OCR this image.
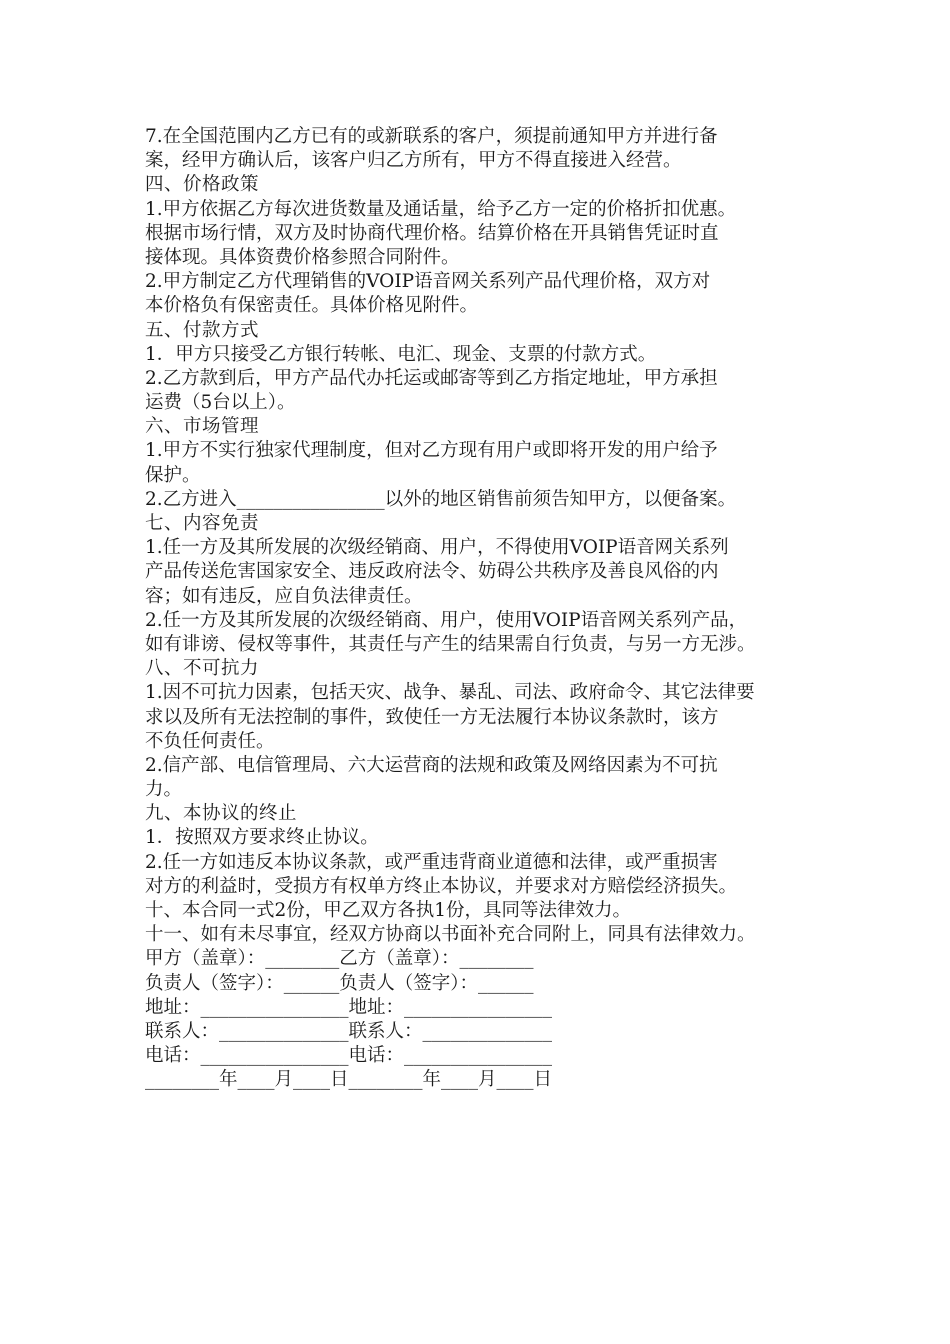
7.在全国范围内乙方已有的或新联系的客户，须提前通知甲方并进行备
案，经甲方确认后，该客户归乙方所有，甲方不得直接进入经营。
四、价格政策
1.甲方依据乙方每次进货数量及通话量，给予乙方一定的价格折扣优惠。
根据市场行情，双方及时协商代理价格。结算价格在开具销售凭证时直
接体现。具体资费价格参照合同附件。
2.甲方制定乙方代理销售的VOIP语音网关系列产品代理价格，双方对
本价格负有保密责任。具体价格见附件。
五、付款方式
1．甲方只接受乙方银行转帐、电汇、现金、支票的付款方式。
2.乙方款到后，甲方产品代办托运或邮寄等到乙方指定地址，甲方承担
运费（5台以上）。
六、市场管理
1.甲方不实行独家代理制度，但对乙方现有用户或即将开发的用户给予
保护。
2.乙方进入________________以外的地区销售前须告知甲方，以便备案。
七、内容免责
1.任一方及其所发展的次级经销商、用户，不得使用VOIP语音网关系列
产品传送危害国家安全、违反政府法令、妨碍公共秩序及善良风俗的内
容；如有违反，应自负法律责任。
2.任一方及其所发展的次级经销商、用户，使用VOIP语音网关系列产品，
如有诽谤、侵权等事件，其责任与产生的结果需自行负责，与另一方无涉。
八、不可抗力
1.因不可抗力因素，包括天灾、战争、暴乱、司法、政府命令、其它法律要
求以及所有无法控制的事件，致使任一方无法履行本协议条款时，该方
不负任何责任。
2.信产部、电信管理局、六大运营商的法规和政策及网络因素为不可抗
力。
九、本协议的终止
1．按照双方要求终止协议。
2.任一方如违反本协议条款，或严重违背商业道德和法律，或严重损害
对方的利益时，受损方有权单方终止本协议，并要求对方赔偿经济损失。
十、本合同一式2份，甲乙双方各执1份，具同等法律效力。
十一、如有未尽事宜，经双方协商以书面补充合同附上，同具有法律效力。
甲方（盖章）：________乙方（盖章）：________
负责人（签字）：______负责人（签字）：______
地址：________________地址：________________
联系人：______________联系人：______________
电话：________________电话：________________
________年____月____日________年____月____日
